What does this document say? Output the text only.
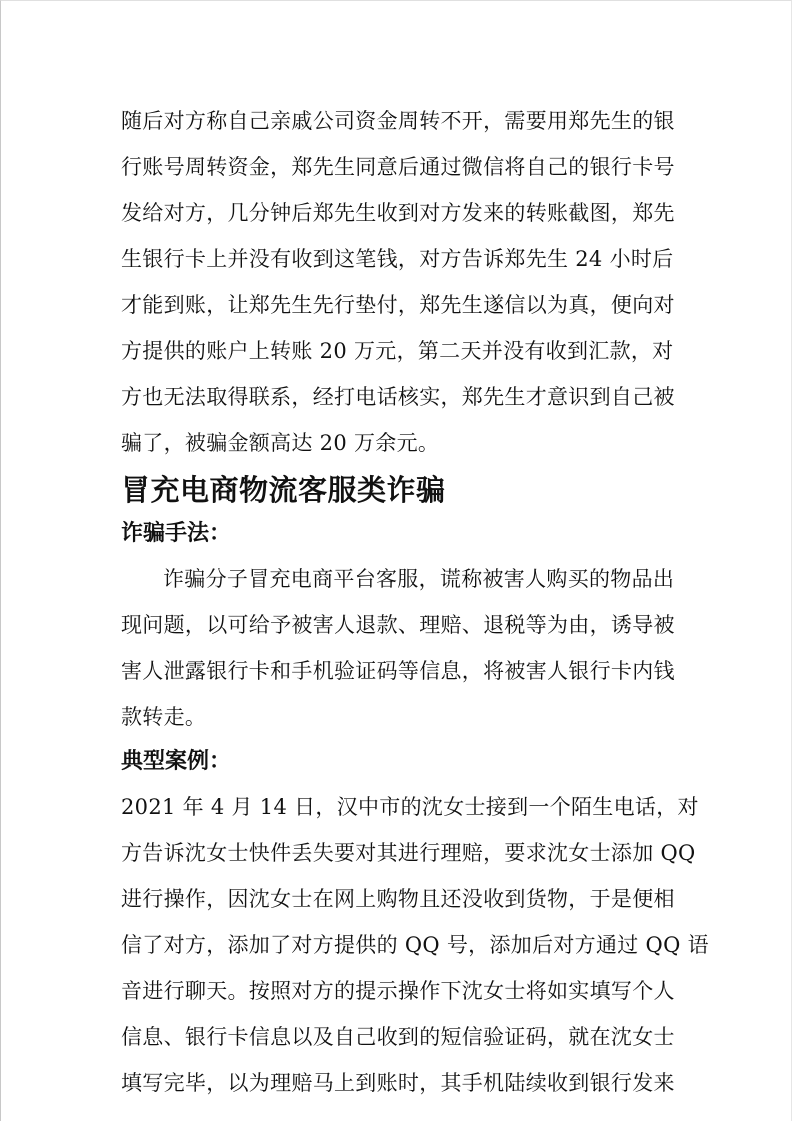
随后对方称自己亲戚公司资金周转不开，需要用郑先生的银
行账号周转资金，郑先生同意后通过微信将自己的银行卡号
发给对方，几分钟后郑先生收到对方发来的转账截图，郑先
生银行卡上并没有收到这笔钱，对方告诉郑先生 24 小时后
才能到账，让郑先生先行垫付，郑先生遂信以为真，便向对
方提供的账户上转账 20 万元，第二天并没有收到汇款，对
方也无法取得联系，经打电话核实，郑先生才意识到自己被
骗了，被骗金额高达 20 万余元。
冒充电商物流客服类诈骗
诈骗手法：
诈骗分子冒充电商平台客服，谎称被害人购买的物品出
现问题，以可给予被害人退款、理赔、退税等为由，诱导被
害人泄露银行卡和手机验证码等信息，将被害人银行卡内钱
款转走。
典型案例：
2021 年 4 月 14 日，汉中市的沈女士接到一个陌生电话，对
方告诉沈女士快件丢失要对其进行理赔，要求沈女士添加 QQ
进行操作，因沈女士在网上购物且还没收到货物，于是便相
信了对方，添加了对方提供的 QQ 号，添加后对方通过 QQ 语
音进行聊天。按照对方的提示操作下沈女士将如实填写个人
信息、银行卡信息以及自己收到的短信验证码，就在沈女士
填写完毕，以为理赔马上到账时，其手机陆续收到银行发来
